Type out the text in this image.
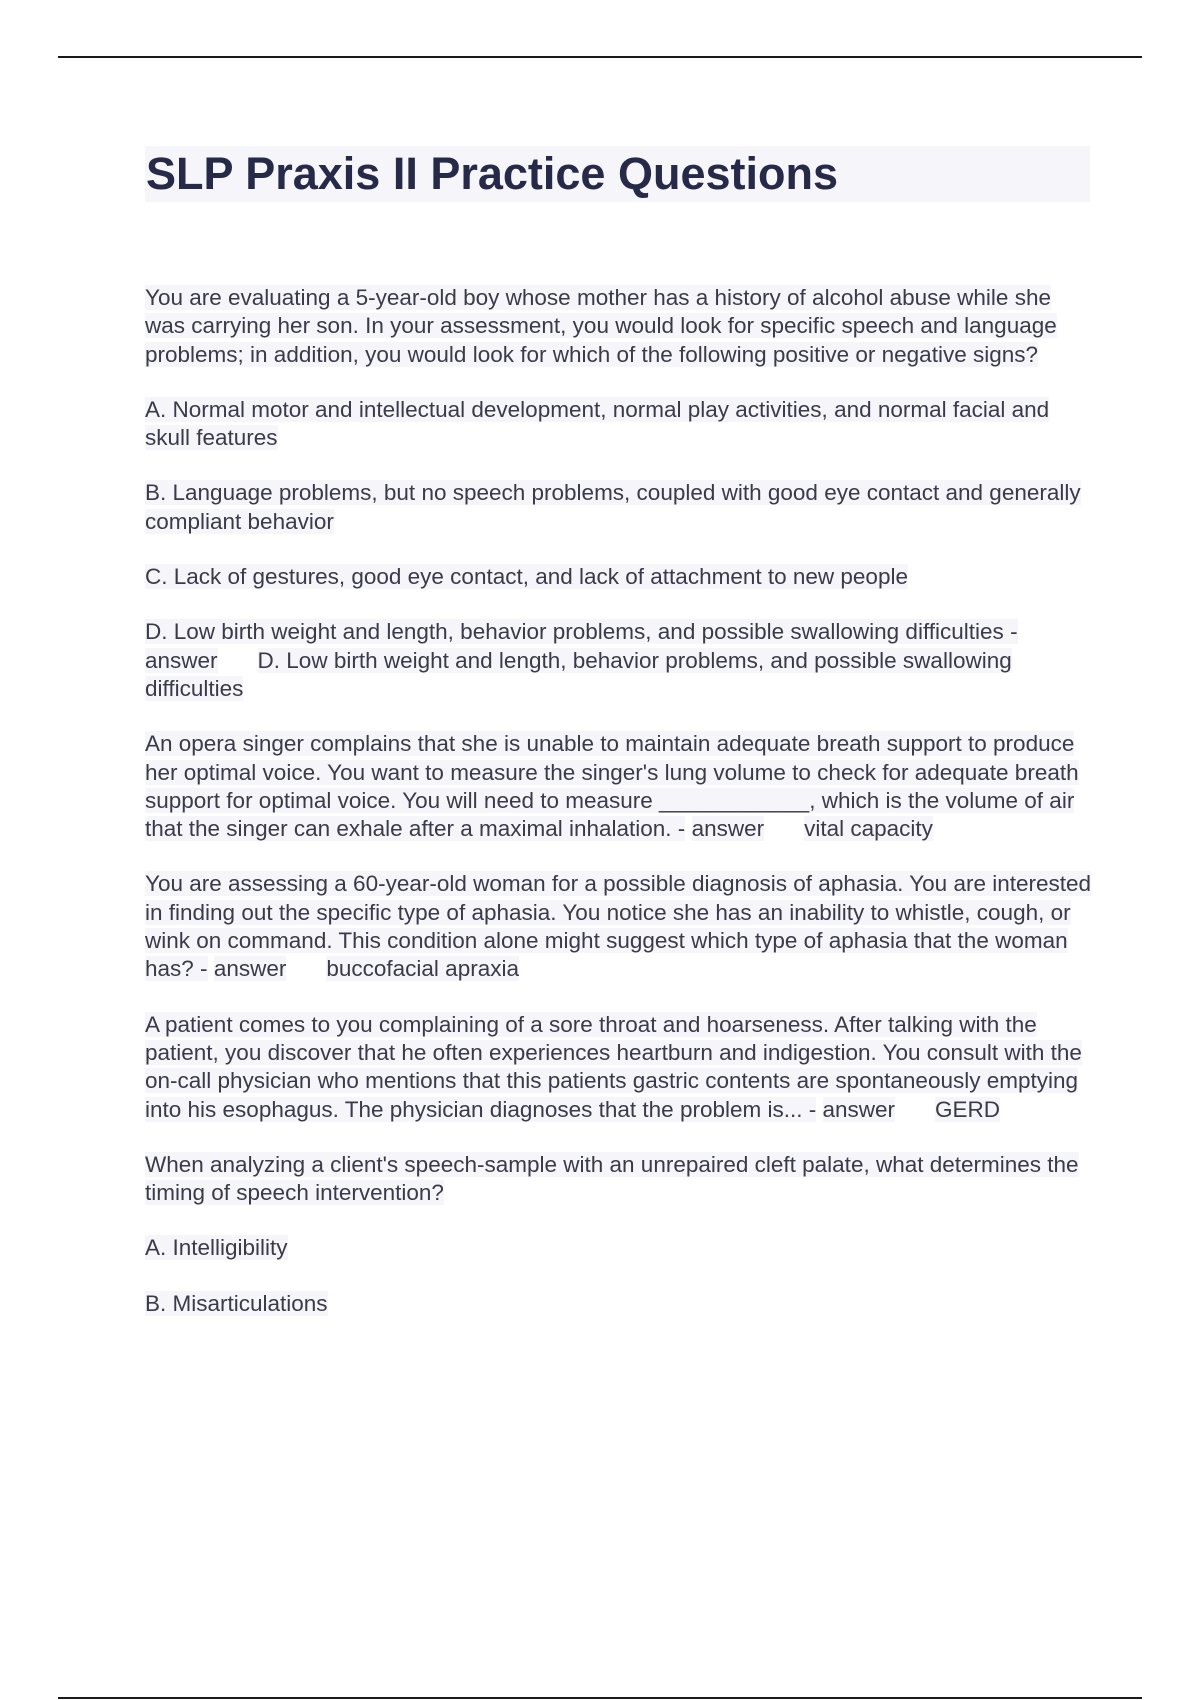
SLP Praxis II Practice Questions

You are evaluating a 5-year-old boy whose mother has a history of alcohol abuse while she was carrying her son. In your assessment, you would look for specific speech and language problems; in addition, you would look for which of the following positive or negative signs?

A. Normal motor and intellectual development, normal play activities, and normal facial and skull features

B. Language problems, but no speech problems, coupled with good eye contact and generally compliant behavior

C. Lack of gestures, good eye contact, and lack of attachment to new people

D. Low birth weight and length, behavior problems, and possible swallowing difficulties - answer D. Low birth weight and length, behavior problems, and possible swallowing difficulties

An opera singer complains that she is unable to maintain adequate breath support to produce her optimal voice. You want to measure the singer's lung volume to check for adequate breath support for optimal voice. You will need to measure ____________, which is the volume of air that the singer can exhale after a maximal inhalation. - answer vital capacity

You are assessing a 60-year-old woman for a possible diagnosis of aphasia. You are interested in finding out the specific type of aphasia. You notice she has an inability to whistle, cough, or wink on command. This condition alone might suggest which type of aphasia that the woman has? - answer buccofacial apraxia

A patient comes to you complaining of a sore throat and hoarseness. After talking with the patient, you discover that he often experiences heartburn and indigestion. You consult with the on-call physician who mentions that this patients gastric contents are spontaneously emptying into his esophagus. The physician diagnoses that the problem is... - answer GERD

When analyzing a client's speech-sample with an unrepaired cleft palate, what determines the timing of speech intervention?

A. Intelligibility

B. Misarticulations
